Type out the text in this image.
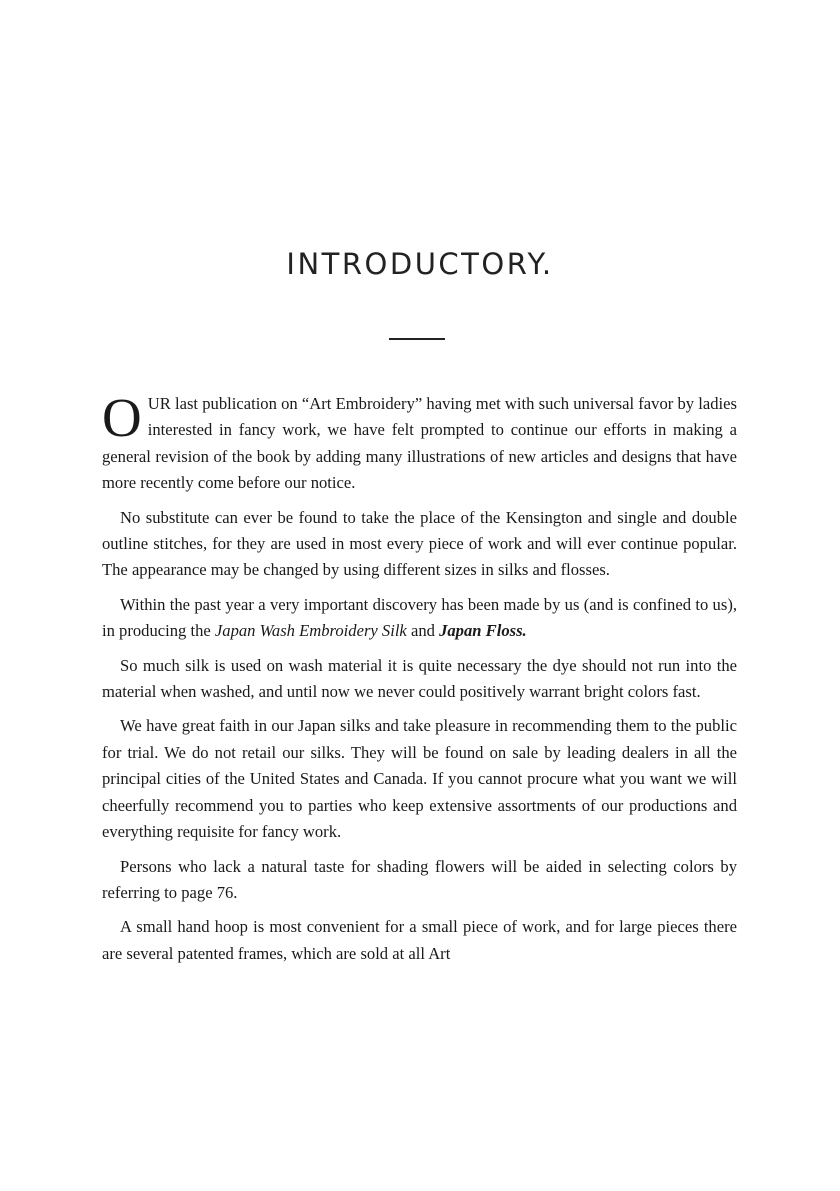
INTRODUCTORY.

OUR last publication on “Art Embroidery” having met with such universal favor by ladies interested in fancy work, we have felt prompted to continue our efforts in making a general revision of the book by adding many illustrations of new articles and designs that have more recently come before our notice.

No substitute can ever be found to take the place of the Kensington and single and double outline stitches, for they are used in most every piece of work and will ever continue popular. The appearance may be changed by using different sizes in silks and flosses.

Within the past year a very important discovery has been made by us (and is confined to us), in producing the Japan Wash Embroidery Silk and Japan Floss.

So much silk is used on wash material it is quite necessary the dye should not run into the material when washed, and until now we never could positively warrant bright colors fast.

We have great faith in our Japan silks and take pleasure in recommending them to the public for trial. We do not retail our silks. They will be found on sale by leading dealers in all the principal cities of the United States and Canada. If you cannot procure what you want we will cheerfully recommend you to parties who keep extensive assortments of our productions and everything requisite for fancy work.

Persons who lack a natural taste for shading flowers will be aided in selecting colors by referring to page 76.

A small hand hoop is most convenient for a small piece of work, and for large pieces there are several patented frames, which are sold at all Art
